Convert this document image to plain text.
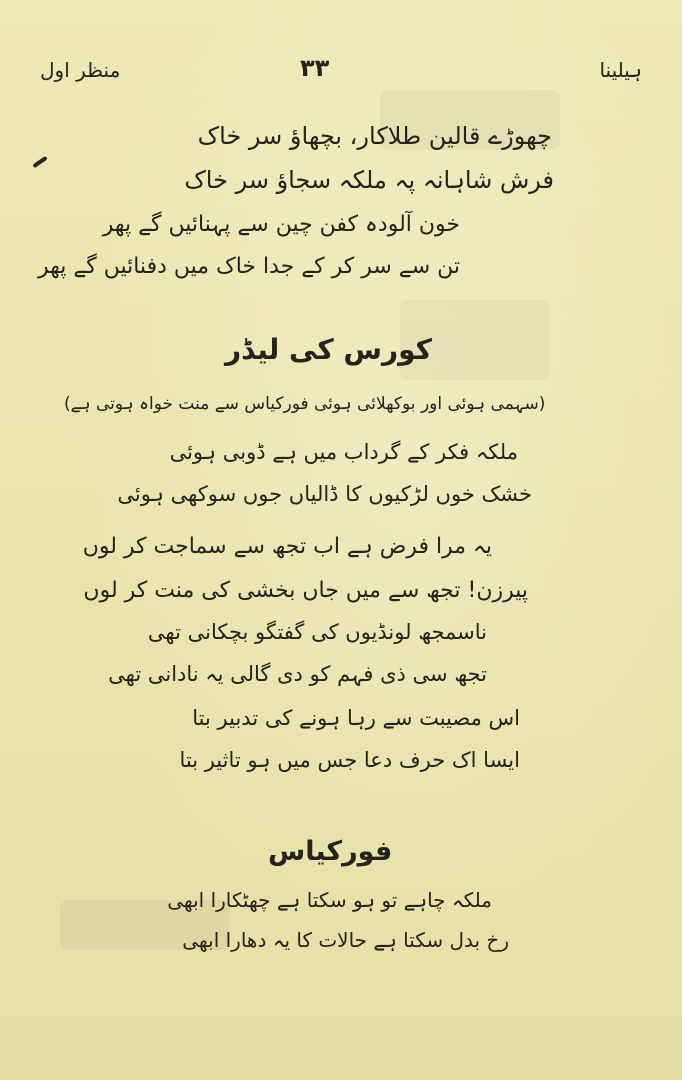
منظر اول	۳۳	ہیلینا
چھوڑے قالین طلاکار، بچھاؤ سر خاک
فرش شاہانہ پہ ملکہ سجاؤ سر خاک
خون آلودہ کفن چین سے پہنائیں گے پھر
تن سے سر کر کے جدا خاک میں دفنائیں گے پھر
کورس کی لیڈر
(سہمی ہوئی اور بوکھلائی ہوئی فورکیاس سے منت خواہ ہوتی ہے)
ملکہ فکر کے گرداب میں ہے ڈوبی ہوئی
خشک خوں لڑکیوں کا ڈالیاں جوں سوکھی ہوئی
یہ مرا فرض ہے اب تجھ سے سماجت کر لوں
پیرزن! تجھ سے میں جاں بخشی کی منت کر لوں
ناسمجھ لونڈیوں کی گفتگو بچکانی تھی
تجھ سی ذی فہم کو دی گالی یہ نادانی تھی
اس مصیبت سے رہا ہونے کی تدبیر بتا
ایسا اک حرف دعا جس میں ہو تاثیر بتا
فورکیاس
ملکہ چاہے تو ہو سکتا ہے چھٹکارا ابھی
رخ بدل سکتا ہے حالات کا یہ دھارا ابھی
